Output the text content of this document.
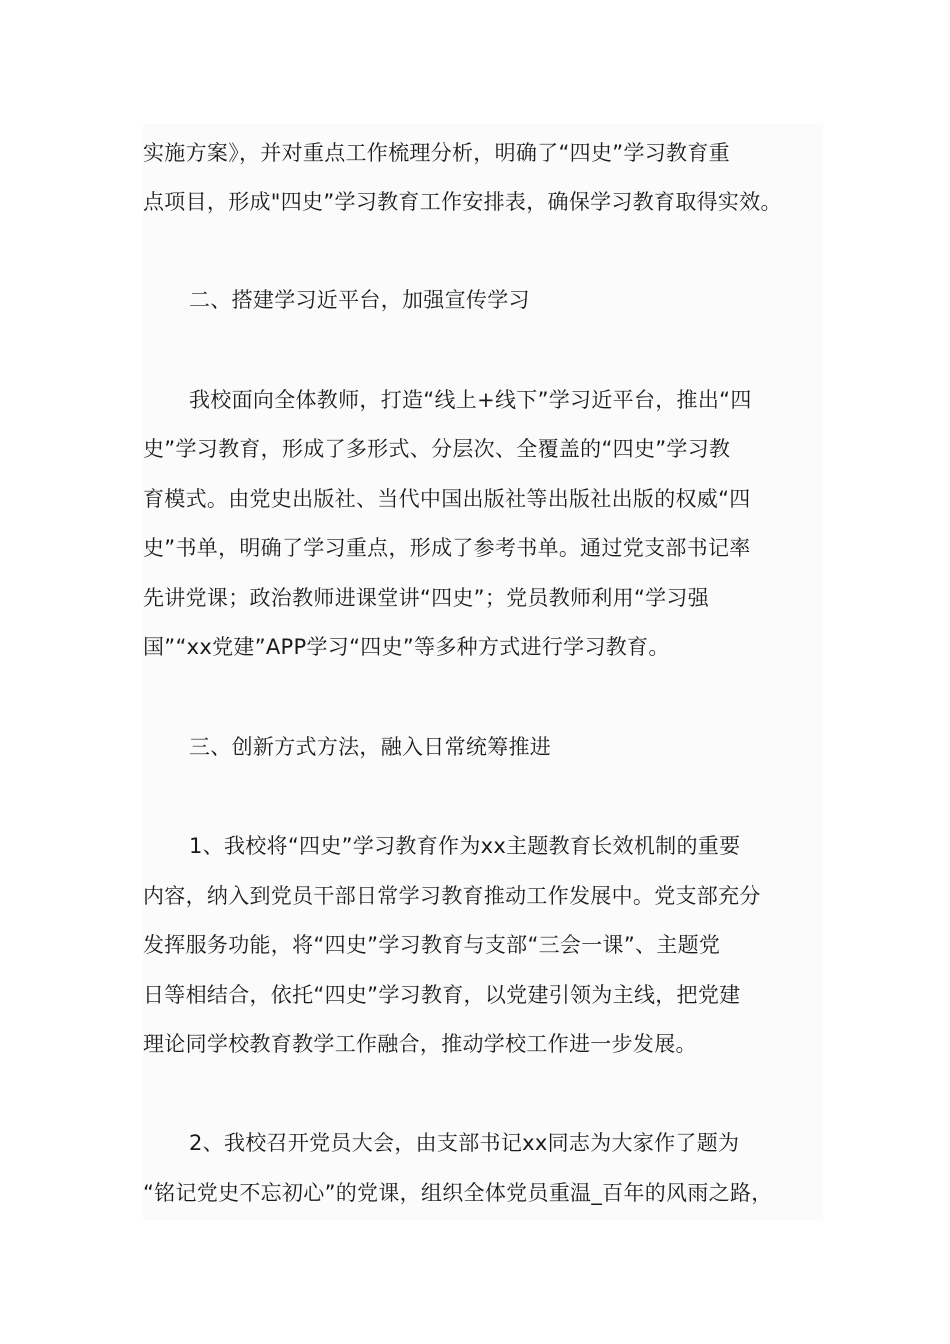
实施方案》，并对重点工作梳理分析，明确了“四史”学习教育重
点项目，形成"四史”学习教育工作安排表，确保学习教育取得实效。
二、搭建学习近平台，加强宣传学习
我校面向全体教师，打造“线上+线下”学习近平台，推出“四
史”学习教育，形成了多形式、分层次、全覆盖的“四史”学习教
育模式。由党史出版社、当代中国出版社等出版社出版的权威“四
史”书单，明确了学习重点，形成了参考书单。通过党支部书记率
先讲党课；政治教师进课堂讲“四史”；党员教师利用“学习强
国”“xx党建”APP学习“四史”等多种方式进行学习教育。
三、创新方式方法，融入日常统筹推进
1、我校将“四史”学习教育作为xx主题教育长效机制的重要
内容，纳入到党员干部日常学习教育推动工作发展中。党支部充分
发挥服务功能，将“四史”学习教育与支部“三会一课”、主题党
日等相结合，依托“四史”学习教育，以党建引领为主线，把党建
理论同学校教育教学工作融合，推动学校工作进一步发展。
2、我校召开党员大会，由支部书记xx同志为大家作了题为
“铭记党史不忘初心”的党课，组织全体党员重温_百年的风雨之路，
